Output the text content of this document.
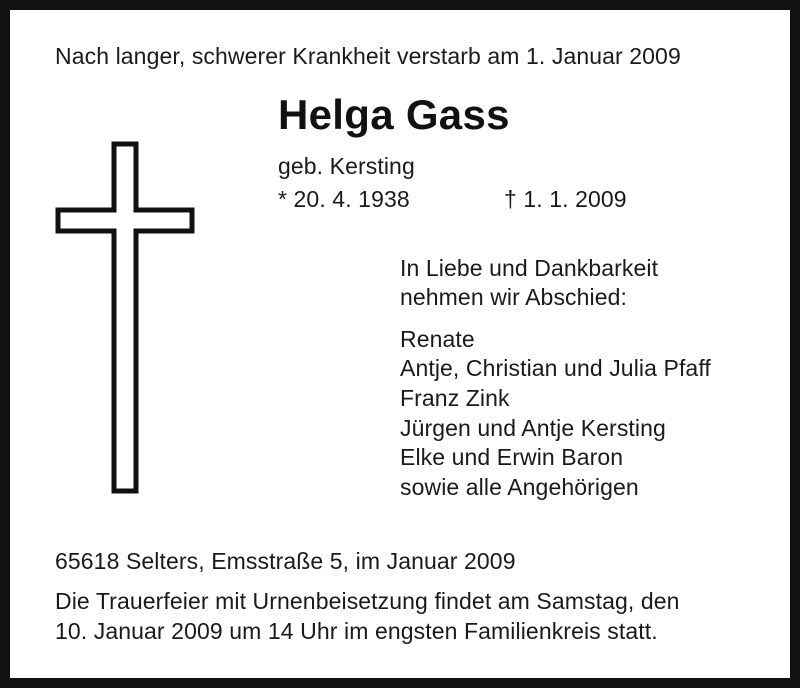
Nach langer, schwerer Krankheit verstarb am 1. Januar 2009
Helga Gass
geb. Kersting
* 20. 4. 1938	† 1. 1. 2009
In Liebe und Dankbarkeit
nehmen wir Abschied:
Renate
Antje, Christian und Julia Pfaff
Franz Zink
Jürgen und Antje Kersting
Elke und Erwin Baron
sowie alle Angehörigen
65618 Selters, Emsstraße 5, im Januar 2009
Die Trauerfeier mit Urnenbeisetzung findet am Samstag, den
10. Januar 2009 um 14 Uhr im engsten Familienkreis statt.
